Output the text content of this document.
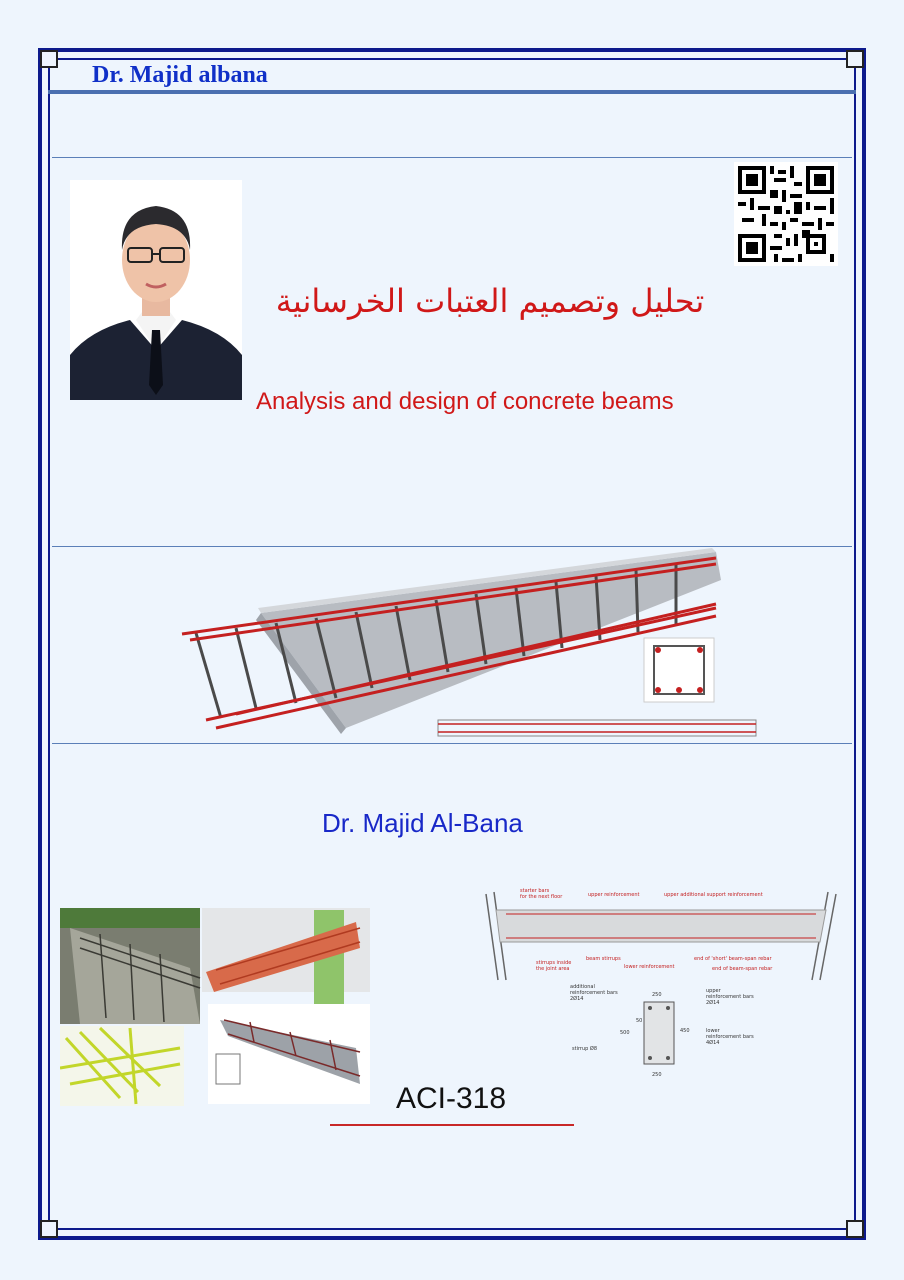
Dr. Majid albana
تحليل وتصميم العتبات الخرسانية
Analysis and design of concrete beams
Dr. Majid Al-Bana
starter bars
for the next floor	upper reinforcement	upper additional support reinforcement
stirrups inside
the joint area
beam stirrups
lower reinforcement
end of 'short' beam-span rebar
end of beam-span rebar
additional
reinforcement bars
2Ø14
upper
reinforcement bars
2Ø14
lower
reinforcement bars
4Ø14
stirrup Ø8
250
250
500	450
50
ACI-318
